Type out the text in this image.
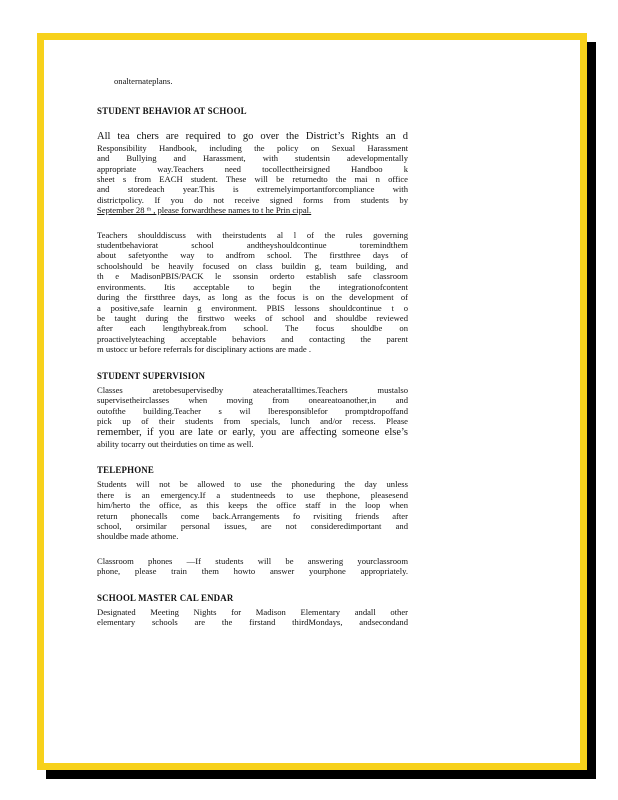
onalternateplans.

STUDENT BEHAVIOR AT SCHOOL
All tea chers are required to go over the District’s Rights an d
Responsibility Handbook, including the policy on Sexual Harassment
and Bullying and Harassment, with studentsin adevelopmentally
appropriate way.Teachers need tocollecttheirsigned Handboo k
sheet s from EACH student. These will be returnedto the mai n office
and storedeach year.This is extremelyimportantforcompliance with
districtpolicy. If you do not receive signed forms from students by
September 28 ᵗʰ , please forwardthese names to t he Prin cipal.
Teachers shoulddiscuss with theirstudents al l of the rules governing
studentbehaviorat school andtheyshouldcontinue toremindthem
about safetyonthe way to andfrom school. The firstthree days of
schoolshould be heavily focused on class buildin g, team building, and
th e MadisonPBIS/PACK le ssonsin orderto establish safe classroom
environments. Itis acceptable to begin the integrationofcontent
during the firstthree days, as long as the focus is on the development of
a positive,safe learnin g environment. PBIS lessons shouldcontinue t o
be taught during the firsttwo weeks of school and shouldbe reviewed
after each lengthybreak.from school. The focus shouldbe on
proactivelyteaching acceptable behaviors and contacting the parent
m ustocc ur before referrals for disciplinary actions are made .
STUDENT SUPERVISION
Classes aretobesupervisedby ateacheratalltimes.Teachers mustalso
supervisetheirclasses when moving from oneareatoanother,in and
outofthe building.Teacher s wil lberesponsiblefor promptdropoffand
pick up of their students from specials, lunch and/or recess. Please
remember, if you are late or early, you are affecting someone else’s
ability tocarry out theirduties on time as well.
TELEPHONE
Students will not be allowed to use the phoneduring the day unless
there is an emergency.If a studentneeds to use thephone, pleasesend
him/herto the office, as this keeps the office staff in the loop when
return phonecalls come back.Arrangements fo rvisiting friends after
school, orsimilar personal issues, are not consideredimportant and
shouldbe made athome.
Classroom phones —If students will be answering yourclassroom
phone, please train them howto answer yourphone appropriately.
SCHOOL MASTER CAL ENDAR
Designated Meeting Nights for Madison Elementary andall other
elementary schools are the firstand thirdMondays, andsecondand
